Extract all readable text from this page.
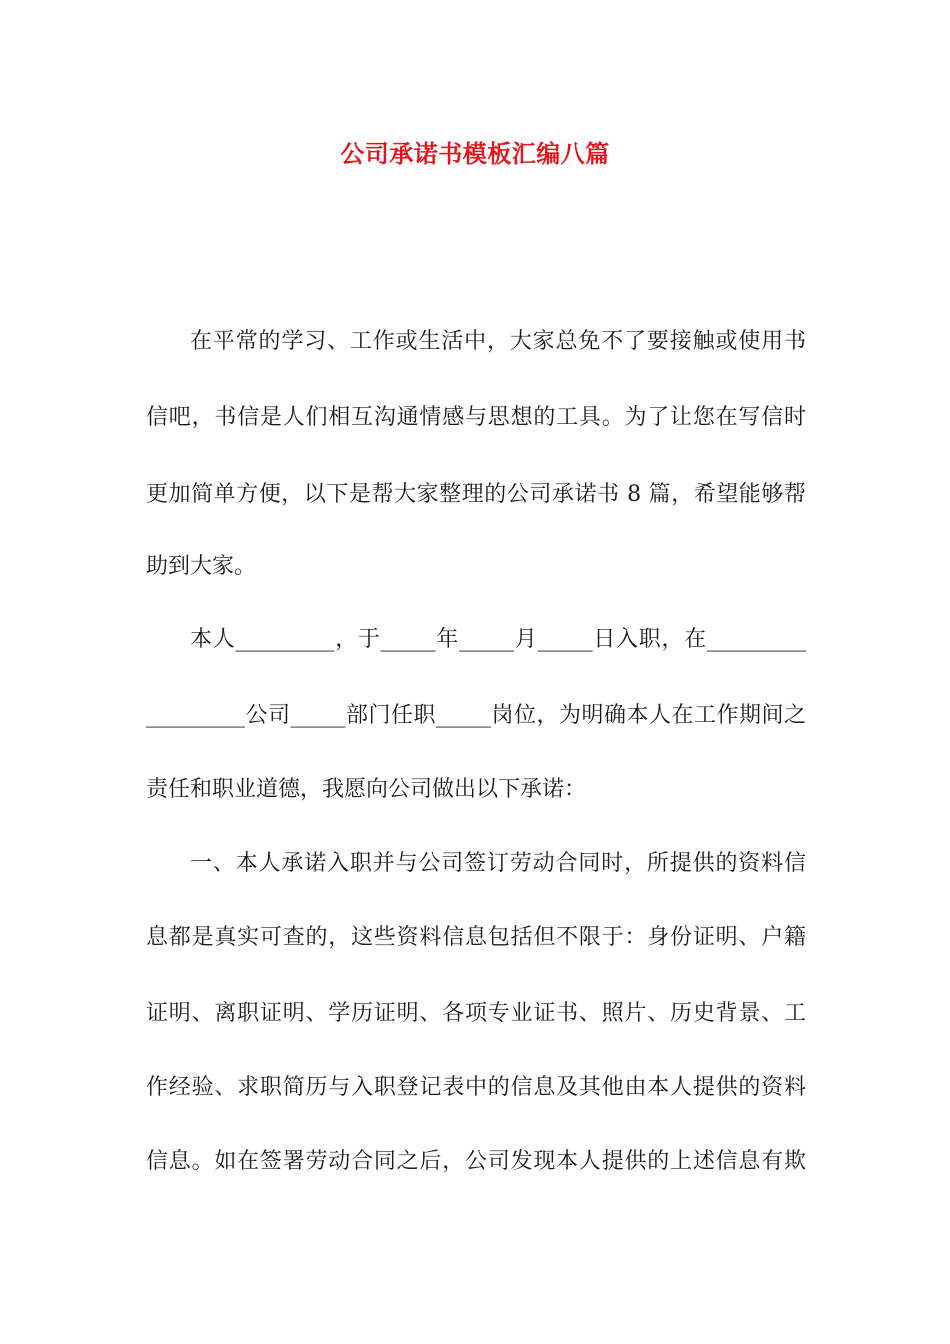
公司承诺书模板汇编八篇
在平常的学习、工作或生活中，大家总免不了要接触或使用书
信吧，书信是人们相互沟通情感与思想的工具。为了让您在写信时
更加简单方便，以下是帮大家整理的公司承诺书 8 篇，希望能够帮
助到大家。
本人_________，于_____年_____月_____日入职，在_________
_________公司_____部门任职_____岗位，为明确本人在工作期间之
责任和职业道德，我愿向公司做出以下承诺：
一、本人承诺入职并与公司签订劳动合同时，所提供的资料信
息都是真实可查的，这些资料信息包括但不限于：身份证明、户籍
证明、离职证明、学历证明、各项专业证书、照片、历史背景、工
作经验、求职简历与入职登记表中的信息及其他由本人提供的资料
信息。如在签署劳动合同之后，公司发现本人提供的上述信息有欺
